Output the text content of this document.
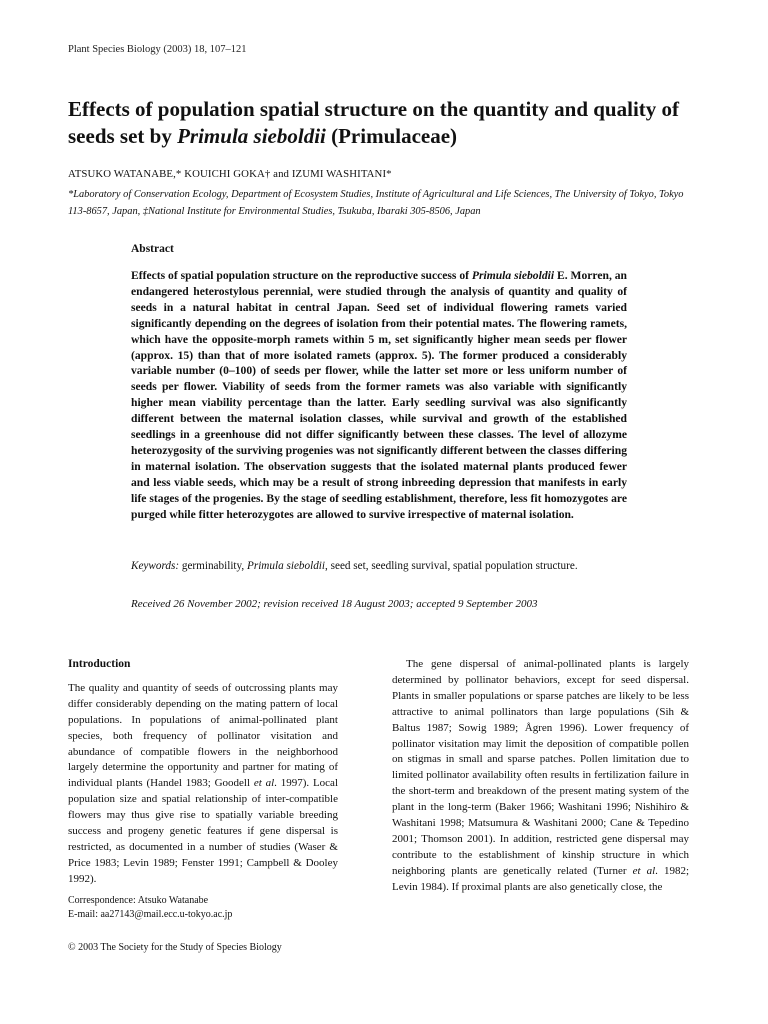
Plant Species Biology (2003) 18, 107–121
Effects of population spatial structure on the quantity and quality of seeds set by Primula sieboldii (Primulaceae)
ATSUKO WATANABE,* KOUICHI GOKA† and IZUMI WASHITANI*
*Laboratory of Conservation Ecology, Department of Ecosystem Studies, Institute of Agricultural and Life Sciences, The University of Tokyo, Tokyo 113-8657, Japan, ‡National Institute for Environmental Studies, Tsukuba, Ibaraki 305-8506, Japan
Abstract

Effects of spatial population structure on the reproductive success of Primula sieboldii E. Morren, an endangered heterostylous perennial, were studied through the analysis of quantity and quality of seeds in a natural habitat in central Japan. Seed set of individual flowering ramets varied significantly depending on the degrees of isolation from their potential mates. The flowering ramets, which have the opposite-morph ramets within 5 m, set significantly higher mean seeds per flower (approx. 15) than that of more isolated ramets (approx. 5). The former produced a considerably variable number (0–100) of seeds per flower, while the latter set more or less uniform number of seeds per flower. Viability of seeds from the former ramets was also variable with significantly higher mean viability percentage than the latter. Early seedling survival was also significantly different between the maternal isolation classes, while survival and growth of the established seedlings in a greenhouse did not differ significantly between these classes. The level of allozyme heterozygosity of the surviving progenies was not significantly different between the classes differing in maternal isolation. The observation suggests that the isolated maternal plants produced fewer and less viable seeds, which may be a result of strong inbreeding depression that manifests in early life stages of the progenies. By the stage of seedling establishment, therefore, less fit homozygotes are purged while fitter heterozygotes are allowed to survive irrespective of maternal isolation.

Keywords: germinability, Primula sieboldii, seed set, seedling survival, spatial population structure.
Received 26 November 2002; revision received 18 August 2003; accepted 9 September 2003
Introduction

The quality and quantity of seeds of outcrossing plants may differ considerably depending on the mating pattern of local populations. In populations of animal-pollinated plant species, both frequency of pollinator visitation and abundance of compatible flowers in the neighborhood largely determine the opportunity and partner for mating of individual plants (Handel 1983; Goodell et al. 1997). Local population size and spatial relationship of inter-compatible flowers may thus give rise to spatially variable breeding success and progeny genetic features if gene dispersal is restricted, as documented in a number of studies (Waser & Price 1983; Levin 1989; Fenster 1991; Campbell & Dooley 1992).

The gene dispersal of animal-pollinated plants is largely determined by pollinator behaviors, except for seed dispersal. Plants in smaller populations or sparse patches are likely to be less attractive to animal pollinators than large populations (Sih & Baltus 1987; Sowig 1989; Ågren 1996). Lower frequency of pollinator visitation may limit the deposition of compatible pollen on stigmas in small and sparse patches. Pollen limitation due to limited pollinator availability often results in fertilization failure in the short-term and breakdown of the present mating system of the plant in the long-term (Baker 1966; Washitani 1996; Nishihiro & Washitani 1998; Matsumura & Washitani 2000; Cane & Tepedino 2001; Thomson 2001). In addition, restricted gene dispersal may contribute to the establishment of kinship structure in which neighboring plants are genetically related (Turner et al. 1982; Levin 1984). If proximal plants are also genetically close, the

Correspondence: Atsuko Watanabe
E-mail: aa27143@mail.ecc.u-tokyo.ac.jp
© 2003 The Society for the Study of Species Biology
